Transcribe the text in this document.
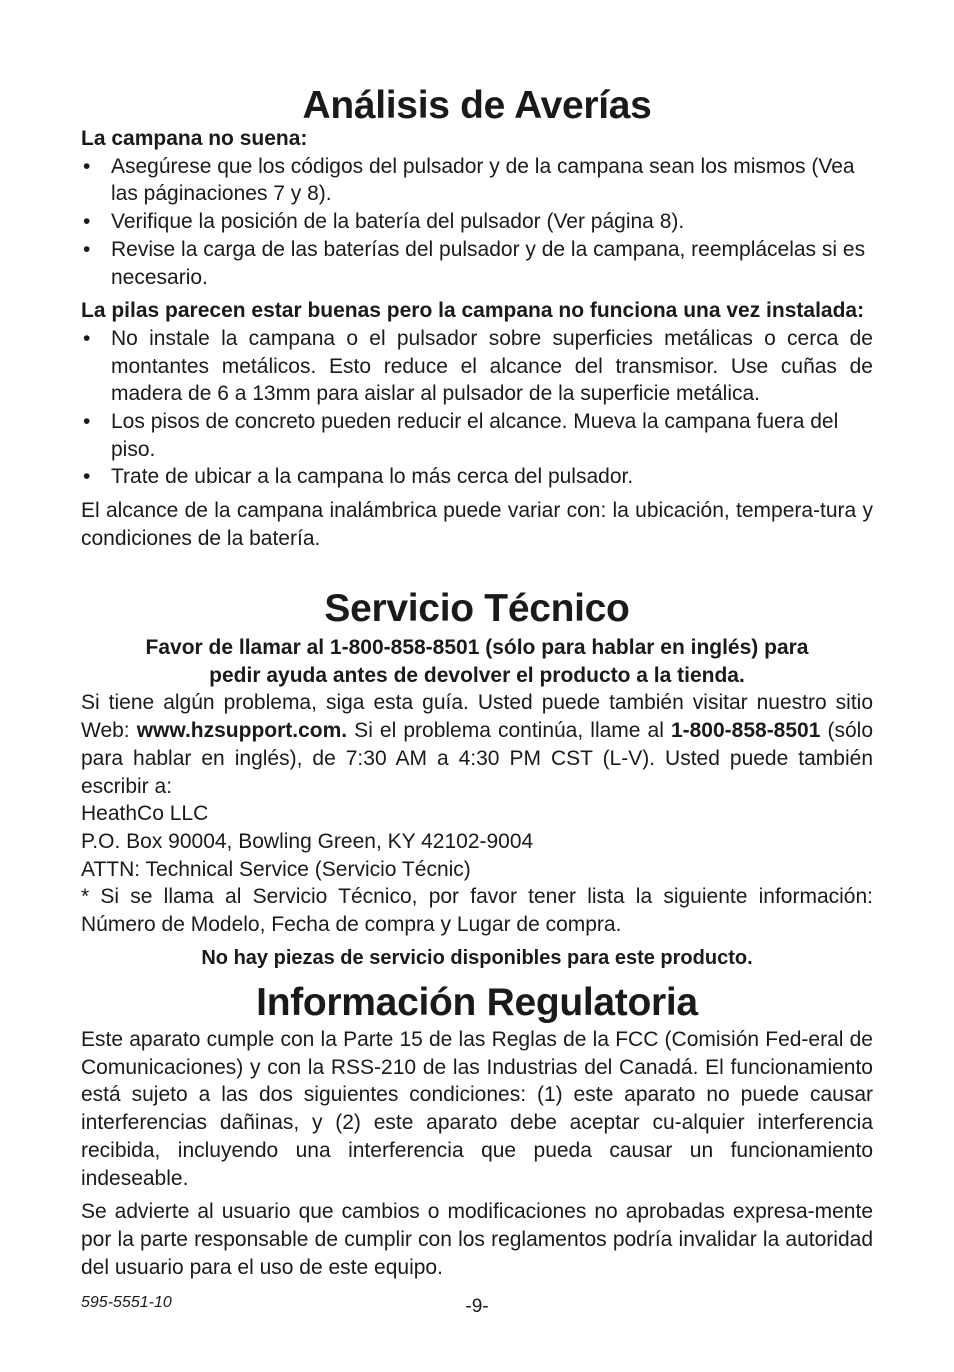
Análisis de Averías

La campana no suena:

• Asegúrese que los códigos del pulsador y de la campana sean los mismos (Vea las páginaciones 7 y 8).
• Verifique la posición de la batería del pulsador (Ver página 8).
• Revise la carga de las baterías del pulsador y de la campana, reemplácelas si es necesario.

La pilas parecen estar buenas pero la campana no funciona una vez instalada:

• No instale la campana o el pulsador sobre superficies metálicas o cerca de montantes metálicos. Esto reduce el alcance del transmisor. Use cuñas de madera de 6 a 13mm para aislar al pulsador de la superficie metálica.
• Los pisos de concreto pueden reducir el alcance. Mueva la campana fuera del piso.
• Trate de ubicar a la campana lo más cerca del pulsador.

El alcance de la campana inalámbrica puede variar con: la ubicación, tempera-tura y condiciones de la batería.

Servicio Técnico

Favor de llamar al 1-800-858-8501 (sólo para hablar en inglés) para

pedir ayuda antes de devolver el producto a la tienda.

Si tiene algún problema, siga esta guía. Usted puede también visitar nuestro sitio Web: www.hzsupport.com. Si el problema continúa, llame al 1-800-858-8501 (sólo para hablar en inglés), de 7:30 AM a 4:30 PM CST (L-V). Usted puede también escribir a:

HeathCo LLC

P.O. Box 90004, Bowling Green, KY 42102-9004

ATTN: Technical Service (Servicio Técnic)

* Si se llama al Servicio Técnico, por favor tener lista la siguiente información: Número de Modelo, Fecha de compra y Lugar de compra.

No hay piezas de servicio disponibles para este producto.

Información Regulatoria

Este aparato cumple con la Parte 15 de las Reglas de la FCC (Comisión Fed-eral de Comunicaciones) y con la RSS-210 de las Industrias del Canadá. El funcionamiento está sujeto a las dos siguientes condiciones: (1) este aparato no puede causar interferencias dañinas, y (2) este aparato debe aceptar cu-alquier interferencia recibida, incluyendo una interferencia que pueda causar un funcionamiento indeseable.

Se advierte al usuario que cambios o modificaciones no aprobadas expresa-mente por la parte responsable de cumplir con los reglamentos podría invalidar la autoridad del usuario para el uso de este equipo.

595-5551-10	-9-
